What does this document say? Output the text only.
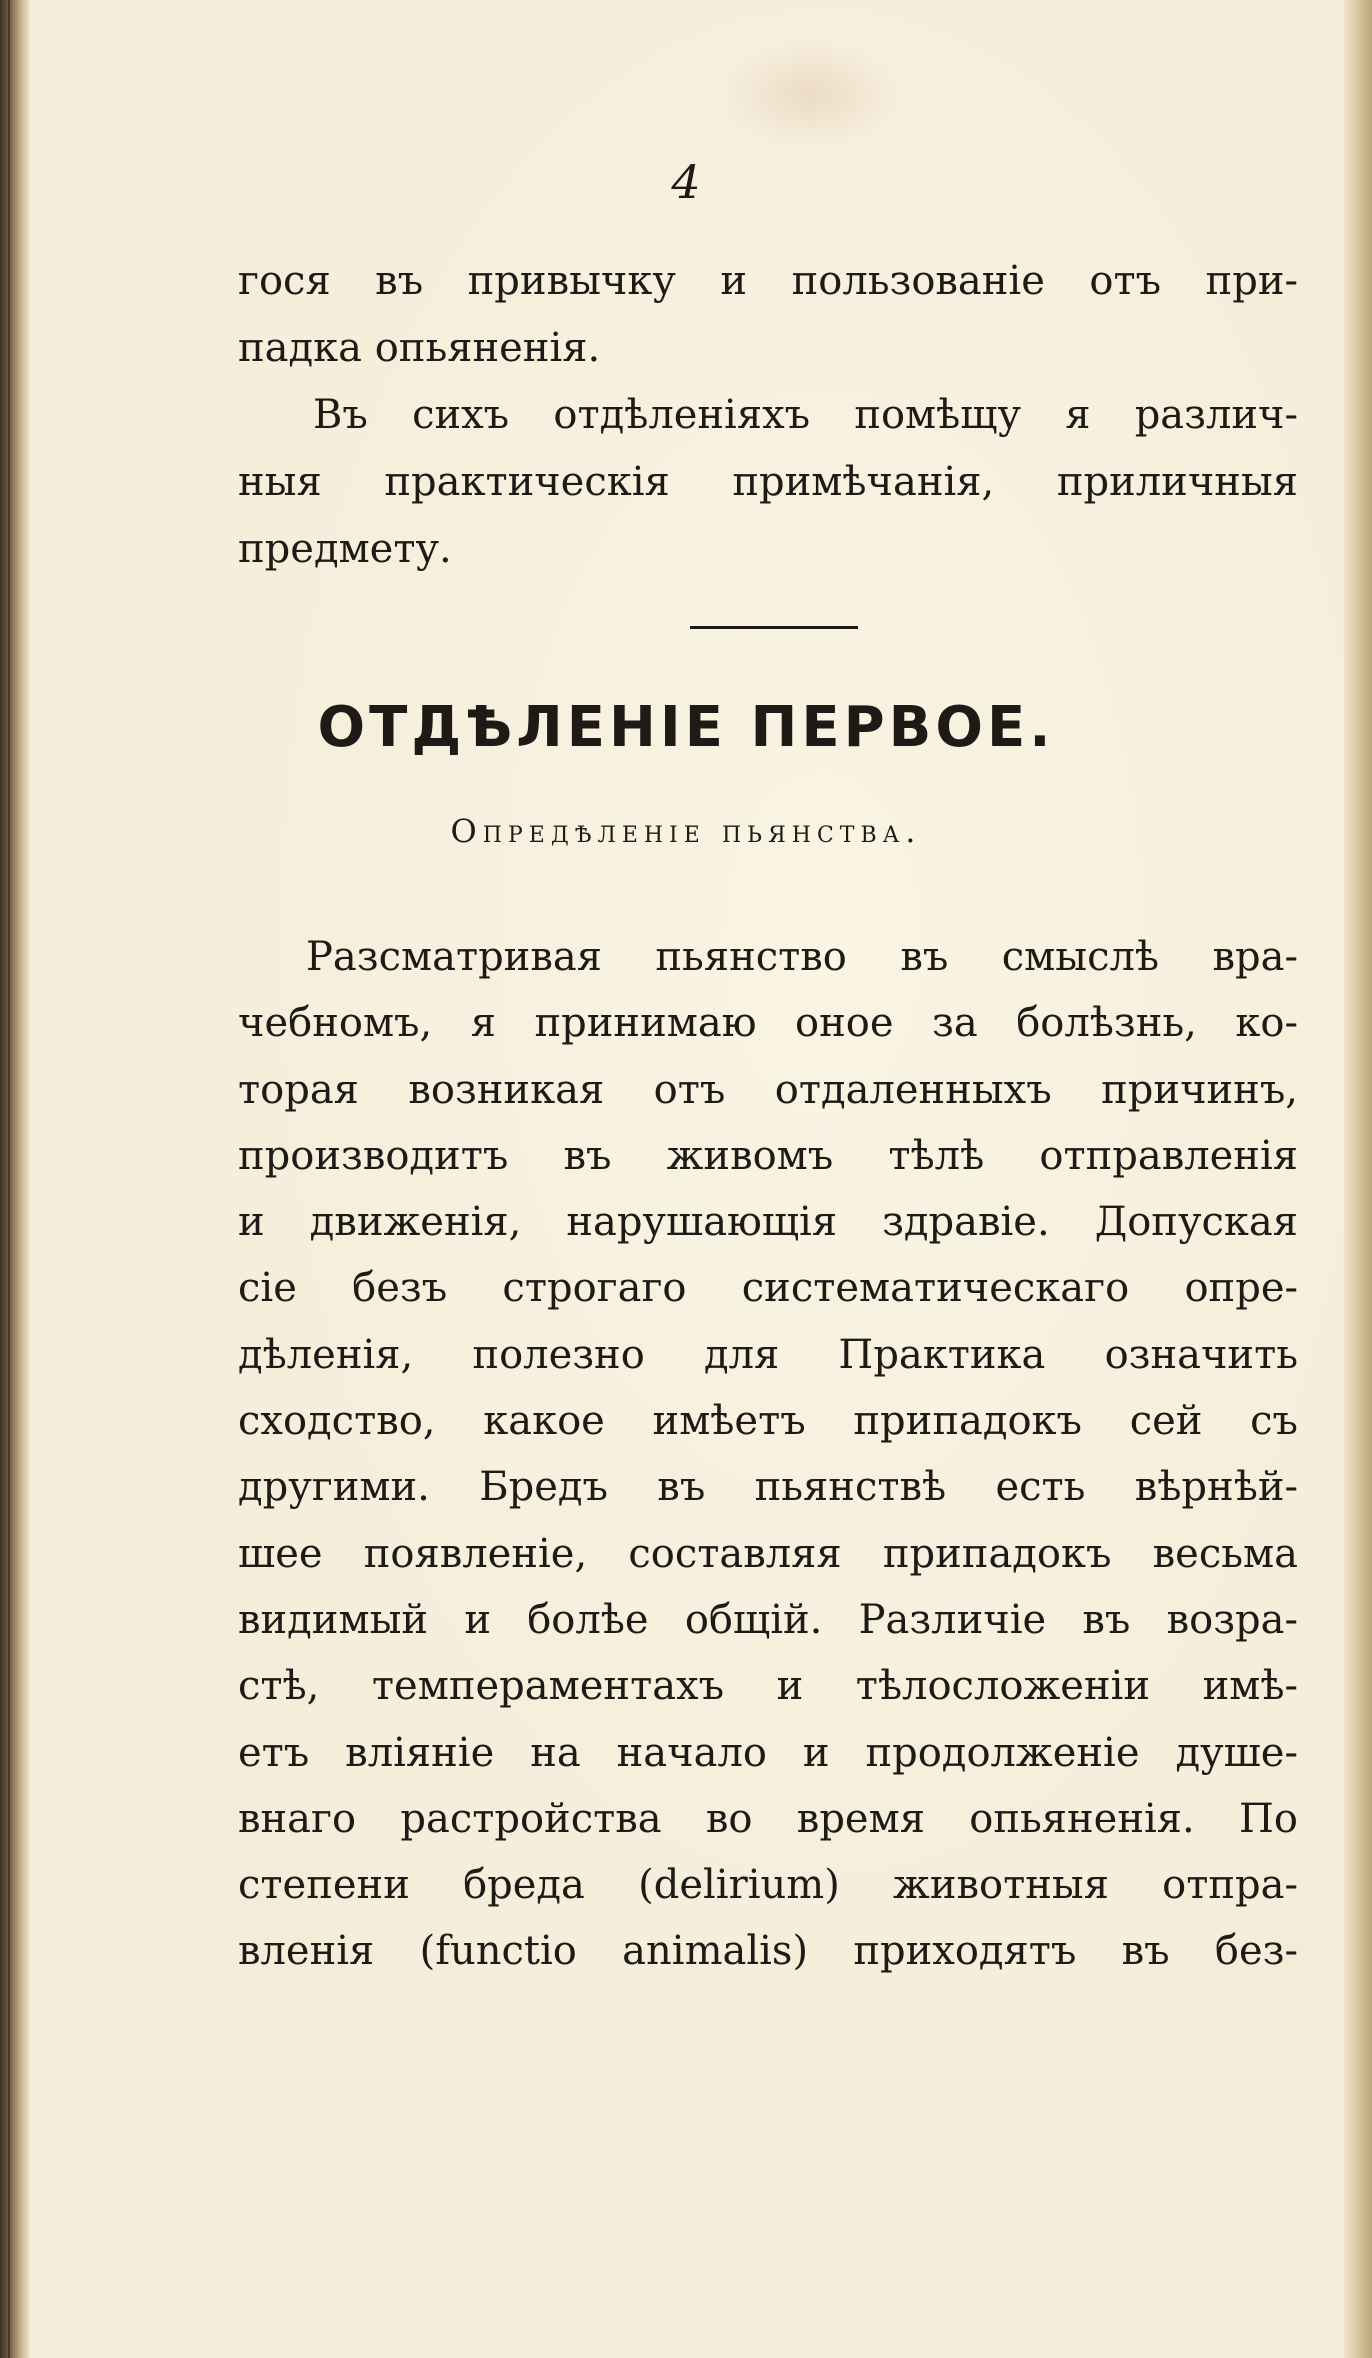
4

гося въ привычку и пользованіе отъ при-

падка опьяненія.

Въ сихъ отдѣленіяхъ помѣщу я различ-

ныя практическія примѣчанія, приличныя

предмету.

ОТДѢЛЕНІЕ ПЕРВОЕ.
Опредѣленіе пьянства.

Разсматривая пьянство въ смыслѣ вра-

чебномъ, я принимаю оное за болѣзнь, ко-

торая возникая отъ отдаленныхъ причинъ,

производитъ въ живомъ тѣлѣ отправленія

и движенія, нарушающія здравіе. Допуская

сіе безъ строгаго систематическаго опре-

дѣленія, полезно для Практика означить

сходство, какое имѣетъ припадокъ сей съ

другими. Бредъ въ пьянствѣ есть вѣрнѣй-

шее появленіе, составляя припадокъ весьма

видимый и болѣе общій. Различіе въ возра-

стѣ, темпераментахъ и тѣлосложеніи имѣ-

етъ вліяніе на начало и продолженіе душе-

внаго растройства во время опьяненія. По

степени бреда (delirium) животныя отпра-

вленія (functio animalis) приходятъ въ без-
